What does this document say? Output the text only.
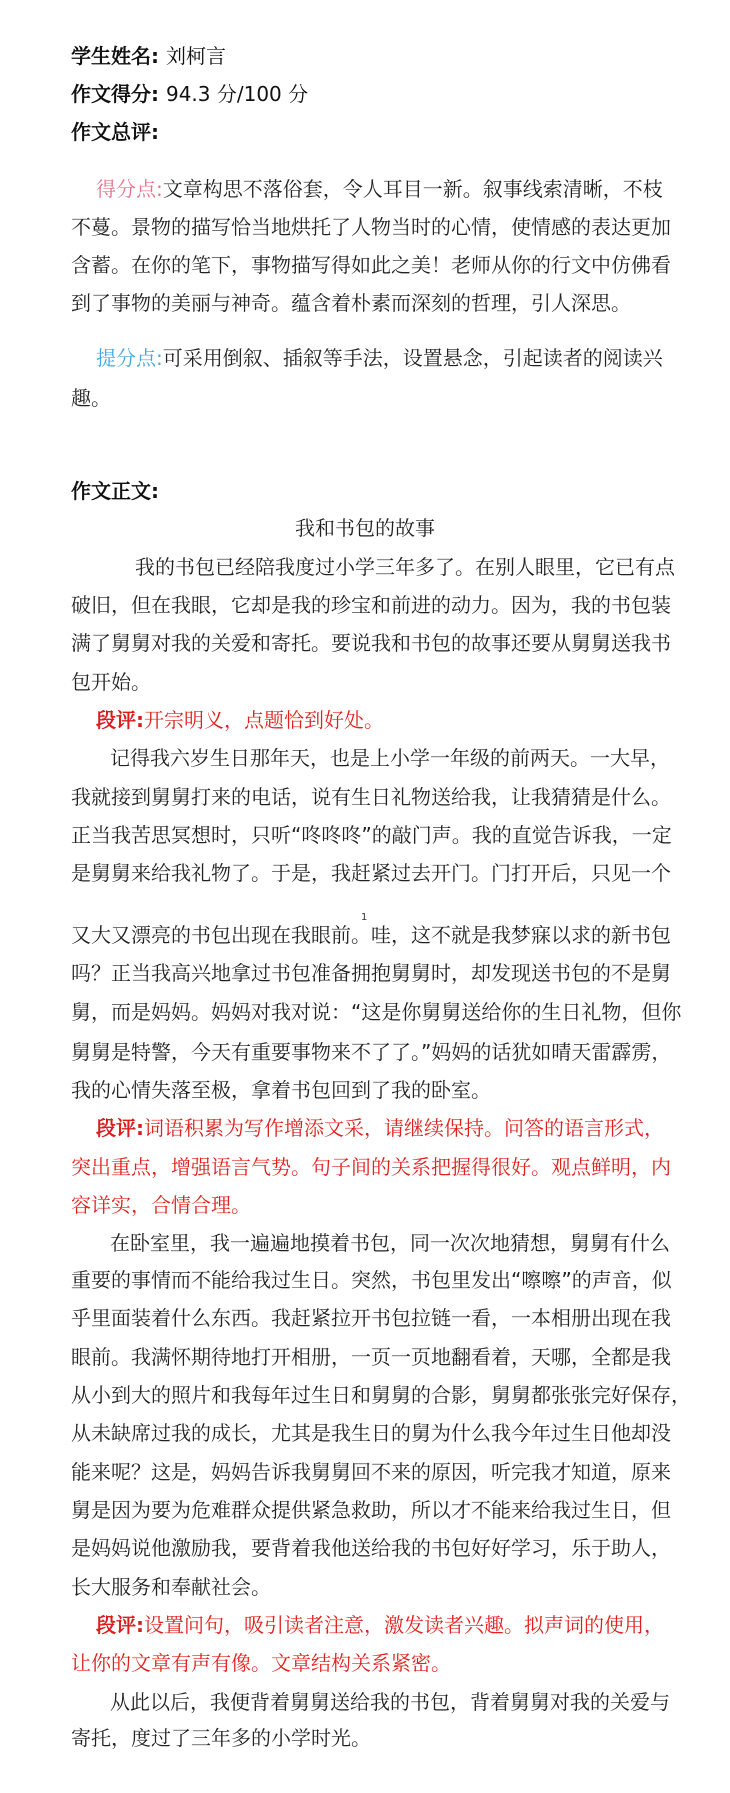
学生姓名: 刘柯言
作文得分: 94.3 分/100 分
作文总评:
得分点:文章构思不落俗套，令人耳目一新。叙事线索清晰，不枝
不蔓。景物的描写恰当地烘托了人物当时的心情，使情感的表达更加
含蓄。在你的笔下，事物描写得如此之美！老师从你的行文中仿佛看
到了事物的美丽与神奇。蕴含着朴素而深刻的哲理，引人深思。
提分点:可采用倒叙、插叙等手法，设置悬念，引起读者的阅读兴
趣。
作文正文:
我和书包的故事
1
我的书包已经陪我度过小学三年多了。在别人眼里，它已有点
破旧，但在我眼，它却是我的珍宝和前进的动力。因为，我的书包装
满了舅舅对我的关爱和寄托。要说我和书包的故事还要从舅舅送我书
包开始。
段评:开宗明义，点题恰到好处。
记得我六岁生日那年天，也是上小学一年级的前两天。一大早，
我就接到舅舅打来的电话，说有生日礼物送给我，让我猜猜是什么。
正当我苦思冥想时，只听“咚咚咚”的敲门声。我的直觉告诉我，一定
是舅舅来给我礼物了。于是，我赶紧过去开门。门打开后，只见一个
又大又漂亮的书包出现在我眼前。哇，这不就是我梦寐以求的新书包
吗？正当我高兴地拿过书包准备拥抱舅舅时，却发现送书包的不是舅
舅，而是妈妈。妈妈对我对说：“这是你舅舅送给你的生日礼物，但你
舅舅是特警，今天有重要事物来不了了。”妈妈的话犹如晴天雷霹雳，
我的心情失落至极，拿着书包回到了我的卧室。
段评:词语积累为写作增添文采，请继续保持。问答的语言形式，
突出重点，增强语言气势。句子间的关系把握得很好。观点鲜明，内
容详实，合情合理。
在卧室里，我一遍遍地摸着书包，同一次次地猜想，舅舅有什么
重要的事情而不能给我过生日。突然，书包里发出“嚓嚓”的声音，似
乎里面装着什么东西。我赶紧拉开书包拉链一看，一本相册出现在我
眼前。我满怀期待地打开相册，一页一页地翻看着，天哪，全都是我
从小到大的照片和我每年过生日和舅舅的合影，舅舅都张张完好保存，
从未缺席过我的成长，尤其是我生日的舅为什么我今年过生日他却没
能来呢？这是，妈妈告诉我舅舅回不来的原因，听完我才知道，原来
舅是因为要为危难群众提供紧急救助，所以才不能来给我过生日，但
是妈妈说他激励我，要背着我他送给我的书包好好学习，乐于助人，
长大服务和奉献社会。
段评:设置问句，吸引读者注意，激发读者兴趣。拟声词的使用，
让你的文章有声有像。文章结构关系紧密。
从此以后，我便背着舅舅送给我的书包，背着舅舅对我的关爱与
寄托，度过了三年多的小学时光。
